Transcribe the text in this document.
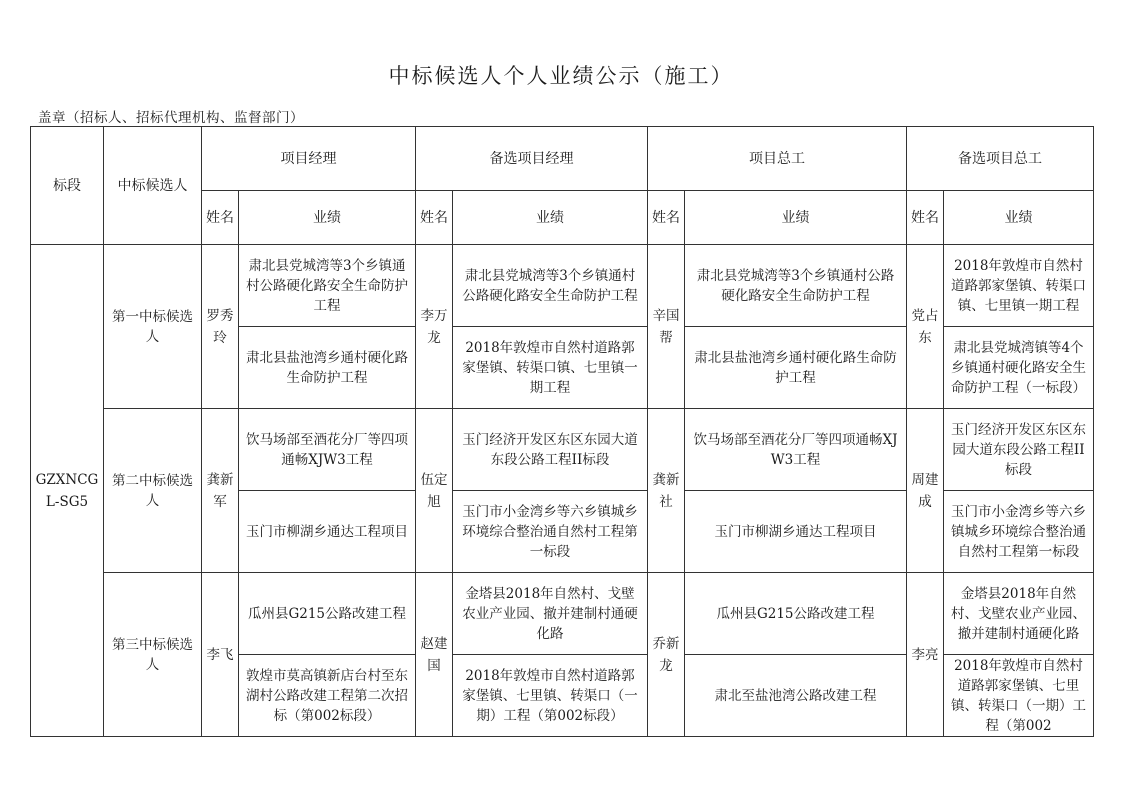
中标候选人个人业绩公示（施工）
盖章（招标人、招标代理机构、监督部门）
标段	中标候选人	项目经理		备选项目经理		项目总工		备选项目总工	
		姓名	业绩	姓名	业绩	姓名	业绩	姓名	业绩
GZXNCGL-SG5	第一中标候选人	罗秀玲	肃北县党城湾等3个乡镇通村公路硬化路安全生命防护工程	李万龙	肃北县党城湾等3个乡镇通村公路硬化路安全生命防护工程	辛国帮	肃北县党城湾等3个乡镇通村公路硬化路安全生命防护工程	党占东	2018年敦煌市自然村道路郭家堡镇、转渠口镇、七里镇一期工程
			肃北县盐池湾乡通村硬化路生命防护工程		2018年敦煌市自然村道路郭家堡镇、转渠口镇、七里镇一期工程		肃北县盐池湾乡通村硬化路生命防护工程		肃北县党城湾镇等4个乡镇通村硬化路安全生命防护工程（一标段）
	第二中标候选人	龚新军	饮马场部至酒花分厂等四项通畅XJW3工程	伍定旭	玉门经济开发区东区东园大道东段公路工程II标段	龚新社	饮马场部至酒花分厂等四项通畅XJW3工程	周建成	玉门经济开发区东区东园大道东段公路工程II标段
			玉门市柳湖乡通达工程项目		玉门市小金湾乡等六乡镇城乡环境综合整治通自然村工程第一标段		玉门市柳湖乡通达工程项目		玉门市小金湾乡等六乡镇城乡环境综合整治通自然村工程第一标段
	第三中标候选人	李飞	瓜州县G215公路改建工程	赵建国	金塔县2018年自然村、戈壁农业产业园、撤并建制村通硬化路	乔新龙	瓜州县G215公路改建工程	李亮	金塔县2018年自然村、戈壁农业产业园、撤并建制村通硬化路
			敦煌市莫高镇新店台村至东湖村公路改建工程第二次招标（第002标段）		2018年敦煌市自然村道路郭家堡镇、七里镇、转渠口（一期）工程（第002标段）		肃北至盐池湾公路改建工程		2018年敦煌市自然村道路郭家堡镇、七里镇、转渠口（一期）工程（第002
